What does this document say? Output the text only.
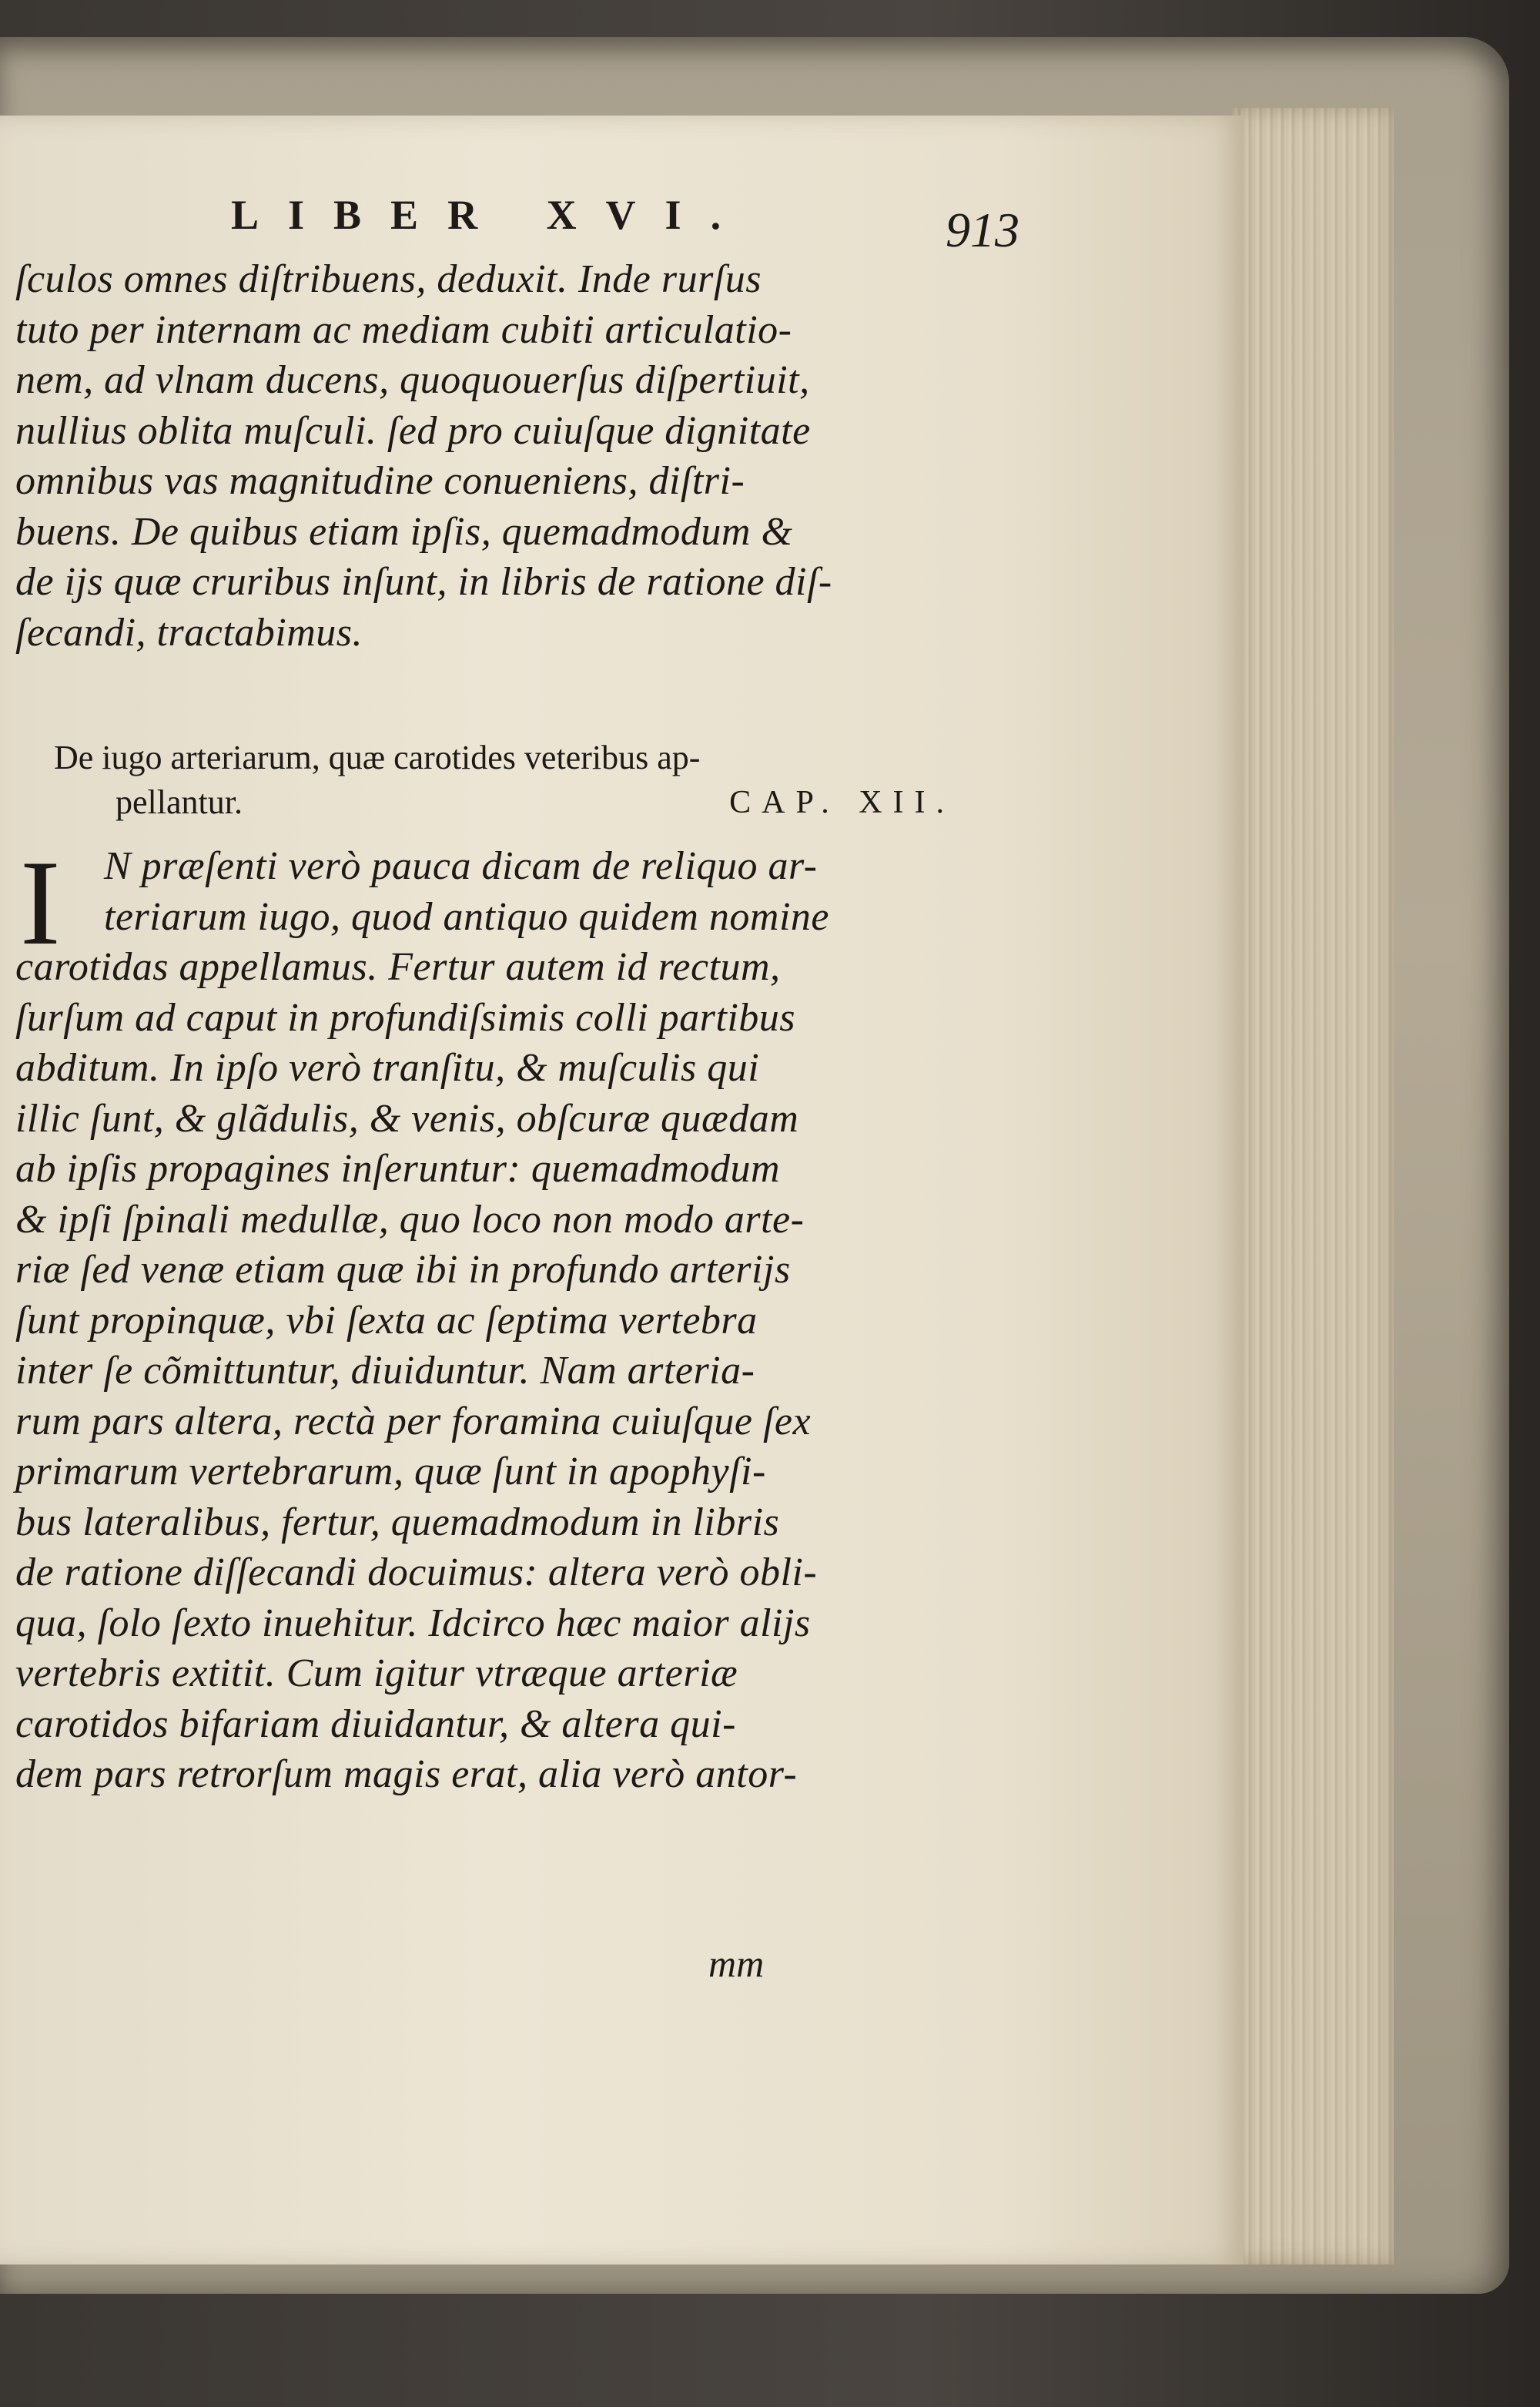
LIBER XVI.	913
ſculos omnes diſtribuens, deduxit. Inde rurſus
tuto per internam ac mediam cubiti articulatio-
nem, ad vlnam ducens, quoquouerſus diſpertiuit,
nullius oblita muſculi. ſed pro cuiuſque dignitate
omnibus vas magnitudine conueniens, diſtri-
buens. De quibus etiam ipſis, quemadmodum &
de ijs quæ cruribus inſunt, in libris de ratione diſ-
ſecandi, tractabimus.
De iugo arteriarum, quæ carotides veteribus ap-
pellantur.	CAP. XII.
I	N præſenti verò pauca dicam de reliquo ar-
teriarum iugo, quod antiquo quidem nomine
carotidas appellamus. Fertur autem id rectum,
ſurſum ad caput in profundiſsimis colli partibus
abditum. In ipſo verò tranſitu, & muſculis qui
illic ſunt, & glãdulis, & venis, obſcuræ quædam
ab ipſis propagines inſeruntur: quemadmodum
& ipſi ſpinali medullæ, quo loco non modo arte-
riæ ſed venæ etiam quæ ibi in profundo arterijs
ſunt propinquæ, vbi ſexta ac ſeptima vertebra
inter ſe cõmittuntur, diuiduntur. Nam arteria-
rum pars altera, rectà per foramina cuiuſque ſex
primarum vertebrarum, quæ ſunt in apophyſi-
bus lateralibus, fertur, quemadmodum in libris
de ratione diſſecandi docuimus: altera verò obli-
qua, ſolo ſexto inuehitur. Idcirco hæc maior alijs
vertebris extitit. Cum igitur vtræque arteriæ
carotidos bifariam diuidantur, & altera qui-
dem pars retrorſum magis erat, alia verò antor-
mm
